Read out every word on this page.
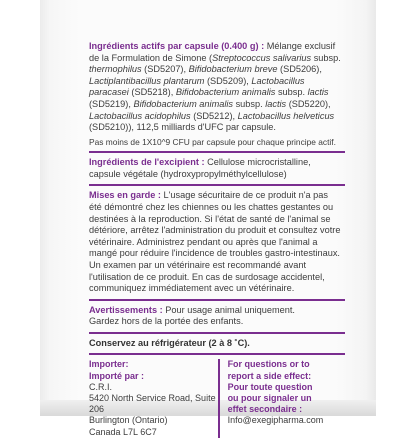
Ingrédients actifs par capsule (0.400 g) : Mélange exclusif de la Formulation de Simone (Streptococcus salivarius subsp. thermophilus (SD5207), Bifidobacterium breve (SD5206), Lactiplantibacillus plantarum (SD5209), Lactobacillus paracasei (SD5218), Bifidobacterium animalis subsp. lactis (SD5219), Bifidobacterium animalis subsp. lactis (SD5220), Lactobacillus acidophilus (SD5212), Lactobacillus helveticus (SD5210)), 112,5 milliards d'UFC par capsule.

Pas moins de 1X10^9 CFU par capsule pour chaque principe actif.

Ingrédients de l'excipient : Cellulose microcristalline, capsule végétale (hydroxypropylméthylcellulose)

Mises en garde : L'usage sécuritaire de ce produit n'a pas été démontré chez les chiennes ou les chattes gestantes ou destinées à la reproduction. Si l'état de santé de l'animal se détériore, arrêtez l'administration du produit et consultez votre vétérinaire. Administrez pendant ou après que l'animal a mangé pour réduire l'incidence de troubles gastro-intestinaux. Un examen par un vétérinaire est recommandé avant l'utilisation de ce produit. En cas de surdosage accidentel, communiquez immédiatement avec un vétérinaire.

Avertissements : Pour usage animal uniquement.

Gardez hors de la portée des enfants.

Conservez au réfrigérateur (2 à 8 ˚C).

Importer:
Importé par :
C.R.I.
5420 North Service Road, Suite 206
Burlington (Ontario)
Canada L7L 6C7
For questions or to
report a side effect:
Pour toute question
ou pour signaler un
effet secondaire :
Info@exegipharma.com
